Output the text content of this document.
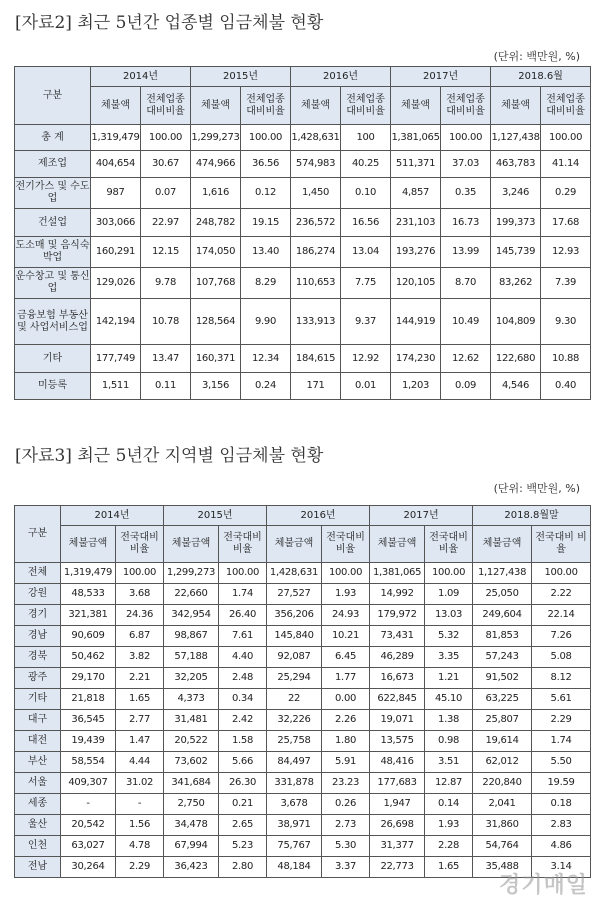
[자료2] 최근 5년간 업종별 임금체불 현황
(단위: 백만원, %)
구분	2014년		2015년		2016년		2017년		2018.6월	
	체불액	전체업종 대비비율	체불액	전체업종 대비비율	체불액	전체업종 대비비율	체불액	전체업종 대비비율	체불액	전체업종 대비비율
총 계	1,319,479	100.00	1,299,273	100.00	1,428,631	100	1,381,065	100.00	1,127,438	100.00
제조업	404,654	30.67	474,966	36.56	574,983	40.25	511,371	37.03	463,783	41.14
전기가스 및 수도업	987	0.07	1,616	0.12	1,450	0.10	4,857	0.35	3,246	0.29
건설업	303,066	22.97	248,782	19.15	236,572	16.56	231,103	16.73	199,373	17.68
도소매 및 음식숙박업	160,291	12.15	174,050	13.40	186,274	13.04	193,276	13.99	145,739	12.93
운수창고 및 통신업	129,026	9.78	107,768	8.29	110,653	7.75	120,105	8.70	83,262	7.39
금융보험 부동산 및 사업서비스업	142,194	10.78	128,564	9.90	133,913	9.37	144,919	10.49	104,809	9.30
기타	177,749	13.47	160,371	12.34	184,615	12.92	174,230	12.62	122,680	10.88
미등록	1,511	0.11	3,156	0.24	171	0.01	1,203	0.09	4,546	0.40
[자료3] 최근 5년간 지역별 임금체불 현황
(단위: 백만원, %)
구분	2014년		2015년		2016년		2017년		2018.8월말	
	체불금액	전국대비 비율	체불금액	전국대비 비율	체불금액	전국대비 비율	체불금액	전국대비 비율	체불금액	전국대비 비율
전체	1,319,479	100.00	1,299,273	100.00	1,428,631	100.00	1,381,065	100.00	1,127,438	100.00
강원	48,533	3.68	22,660	1.74	27,527	1.93	14,992	1.09	25,050	2.22
경기	321,381	24.36	342,954	26.40	356,206	24.93	179,972	13.03	249,604	22.14
경남	90,609	6.87	98,867	7.61	145,840	10.21	73,431	5.32	81,853	7.26
경북	50,462	3.82	57,188	4.40	92,087	6.45	46,289	3.35	57,243	5.08
광주	29,170	2.21	32,205	2.48	25,294	1.77	16,673	1.21	91,502	8.12
기타	21,818	1.65	4,373	0.34	22	0.00	622,845	45.10	63,225	5.61
대구	36,545	2.77	31,481	2.42	32,226	2.26	19,071	1.38	25,807	2.29
대전	19,439	1.47	20,522	1.58	25,758	1.80	13,575	0.98	19,614	1.74
부산	58,554	4.44	73,602	5.66	84,497	5.91	48,416	3.51	62,012	5.50
서울	409,307	31.02	341,684	26.30	331,878	23.23	177,683	12.87	220,840	19.59
세종	-	-	2,750	0.21	3,678	0.26	1,947	0.14	2,041	0.18
울산	20,542	1.56	34,478	2.65	38,971	2.73	26,698	1.93	31,860	2.83
인천	63,027	4.78	67,994	5.23	75,767	5.30	31,377	2.28	54,764	4.86
전남	30,264	2.29	36,423	2.80	48,184	3.37	22,773	1.65	35,488	3.14
경기매일
